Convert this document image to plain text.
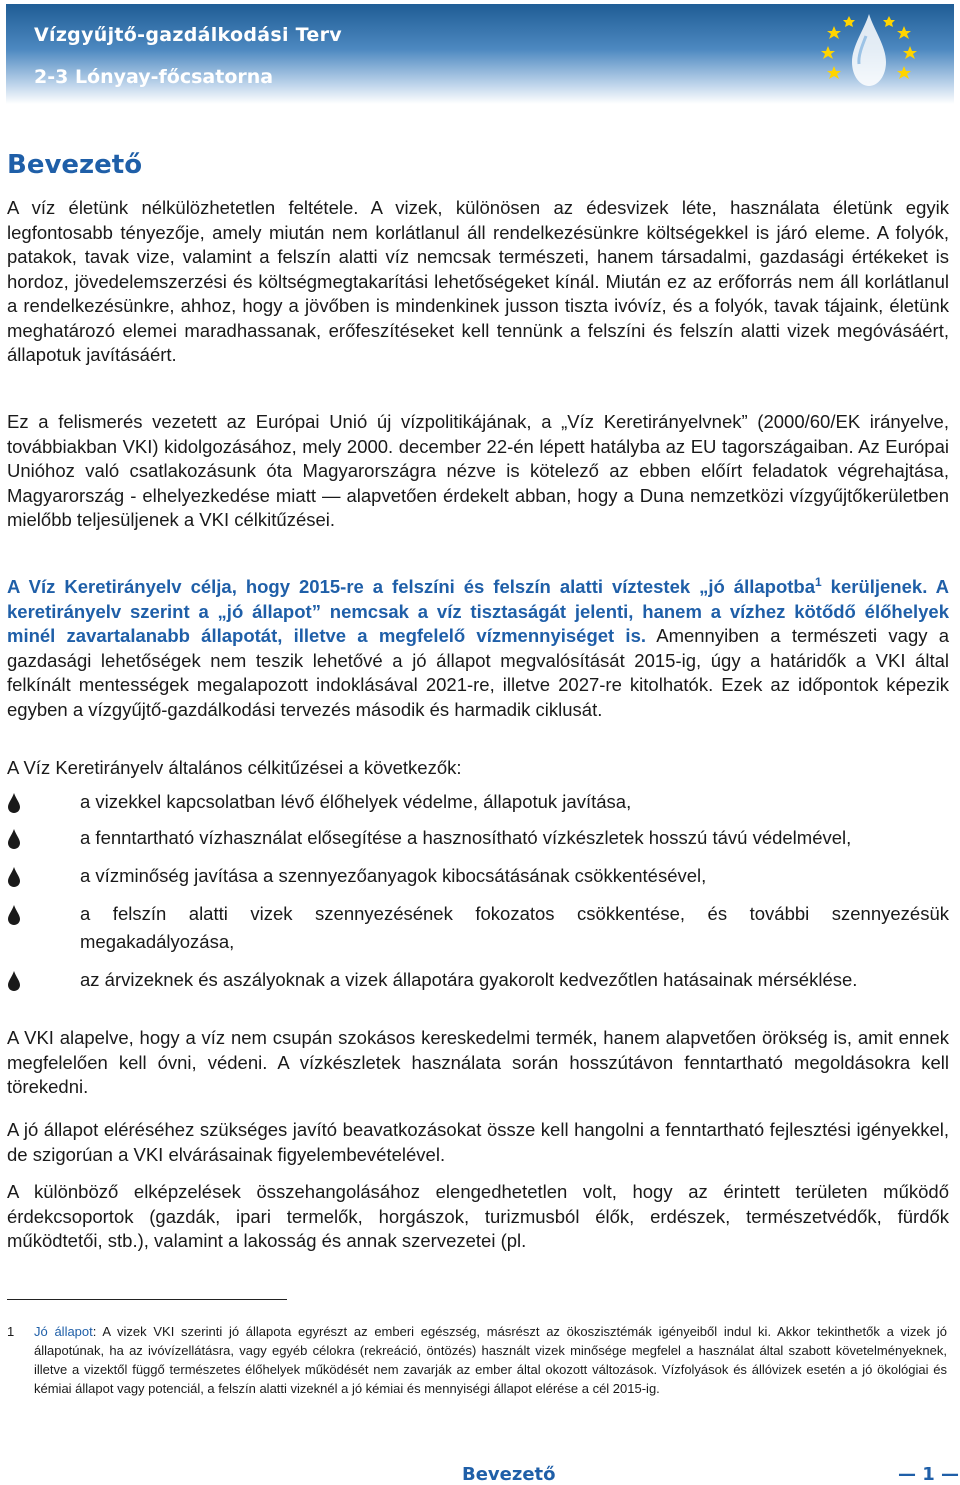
Vízgyűjtő-gazdálkodási Terv
2-3 Lónyay-főcsatorna
Bevezető

A víz életünk nélkülözhetetlen feltétele. A vizek, különösen az édesvizek léte, használata életünk egyik legfontosabb tényezője, amely miután nem korlátlanul áll rendelkezésünkre költségekkel is járó eleme. A folyók, patakok, tavak vize, valamint a felszín alatti víz nemcsak természeti, hanem társadalmi, gazdasági értékeket is hordoz, jövedelemszerzési és költségmegtakarítási lehetőségeket kínál. Miután ez az erőforrás nem áll korlátlanul a rendelkezésünkre, ahhoz, hogy a jövőben is mindenkinek jusson tiszta ivóvíz, és a folyók, tavak tájaink, életünk meghatározó elemei maradhassanak, erőfeszítéseket kell tennünk a felszíni és felszín alatti vizek megóvásáért, állapotuk javításáért.

Ez a felismerés vezetett az Európai Unió új vízpolitikájának, a „Víz Keretirányelvnek” (2000/60/EK irányelve, továbbiakban VKI) kidolgozásához, mely 2000. december 22-én lépett hatályba az EU tagországaiban. Az Európai Unióhoz való csatlakozásunk óta Magyarországra nézve is kötelező az ebben előírt feladatok végrehajtása, Magyarország - elhelyezkedése miatt — alapvetően érdekelt abban, hogy a Duna nemzetközi vízgyűjtőkerületben mielőbb teljesüljenek a VKI célkitűzései.

A Víz Keretirányelv célja, hogy 2015-re a felszíni és felszín alatti víztestek „jó állapotba$^1$ kerüljenek. A keretirányelv szerint a „jó állapot” nemcsak a víz tisztaságát jelenti, hanem a vízhez kötődő élőhelyek minél zavartalanabb állapotát, illetve a megfelelő vízmennyiséget is. Amennyiben a természeti vagy a gazdasági lehetőségek nem teszik lehetővé a jó állapot megvalósítását 2015-ig, úgy a határidők a VKI által felkínált mentességek megalapozott indoklásával 2021-re, illetve 2027-re kitolhatók. Ezek az időpontok képezik egyben a vízgyűjtő-gazdálkodási tervezés második és harmadik ciklusát.

A Víz Keretirányelv általános célkitűzései a következők:

a vizekkel kapcsolatban lévő élőhelyek védelme, állapotuk javítása,
a fenntartható vízhasználat elősegítése a hasznosítható vízkészletek hosszú távú védelmével,
a vízminőség javítása a szennyezőanyagok kibocsátásának csökkentésével,
a felszín alatti vizek szennyezésének fokozatos csökkentése, és további szennyezésük megakadályozása,
az árvizeknek és aszályoknak a vizek állapotára gyakorolt kedvezőtlen hatásainak mérséklése.

A VKI alapelve, hogy a víz nem csupán szokásos kereskedelmi termék, hanem alapvetően örökség is, amit ennek megfelelően kell óvni, védeni. A vízkészletek használata során hosszútávon fenntartható megoldásokra kell törekedni.

A jó állapot eléréséhez szükséges javító beavatkozásokat össze kell hangolni a fenntartható fejlesztési igényekkel, de szigorúan a VKI elvárásainak figyelembevételével.

A különböző elképzelések összehangolásához elengedhetetlen volt, hogy az érintett területen működő érdekcsoportok (gazdák, ipari termelők, horgászok, turizmusból élők, erdészek, természetvédők, fürdők működtetői, stb.), valamint a lakosság és annak szervezetei (pl.

1 Jó állapot: A vizek VKI szerinti jó állapota egyrészt az emberi egészség, másrészt az ökoszisztémák igényeiből indul ki. Akkor tekinthetők a vizek jó állapotúnak, ha az ivóvízellátásra, vagy egyéb célokra (rekreáció, öntözés) használt vizek minősége megfelel a használat által szabott követelményeknek, illetve a vizektől függő természetes élőhelyek működését nem zavarják az ember által okozott változások. Vízfolyások és állóvizek esetén a jó ökológiai és kémiai állapot vagy potenciál, a felszín alatti vizeknél a jó kémiai és mennyiségi állapot elérése a cél 2015-ig.
Bevezető	— 1 —
